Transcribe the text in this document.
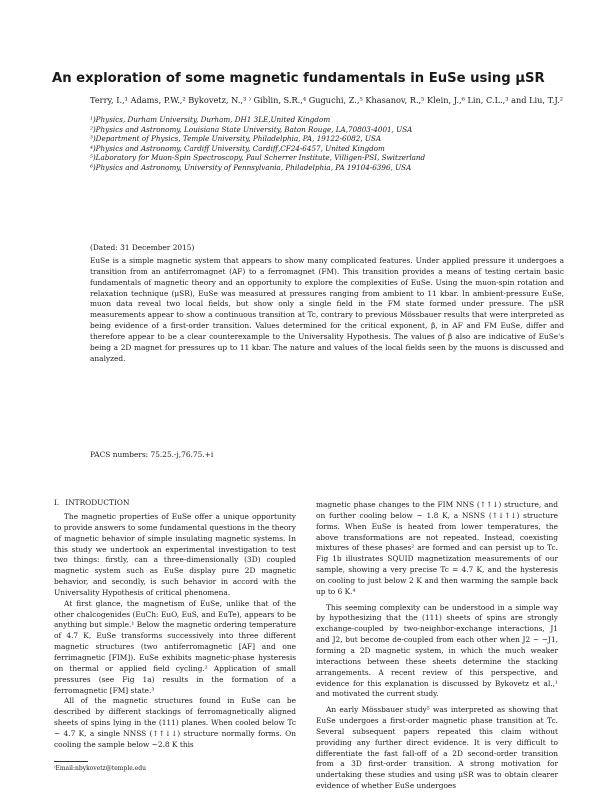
An exploration of some magnetic fundamentals in EuSe using μSR
Terry, I.,¹ Adams, P.W.,² Bykovetz, N.,³ ⁾ Giblin, S.R.,⁴ Guguchi, Z.,⁵ Khasanov, R.,⁵ Klein, J.,⁶ Lin, C.L.,³ and Liu, T.J.²

¹)Physics, Durham University, Durham, DH1 3LE,United Kingdom

²)Physics and Astronomy, Louisiana State University, Baton Rouge, LA,70803-4001, USA

³)Department of Physics, Temple University, Philadelphia, PA, 19122-6082, USA

⁴)Physics and Astronomy, Cardiff University, Cardiff,CF24-6457, United Kingdom

⁵)Laboratory for Muon-Spin Spectroscopy, Paul Scherrer Institute, Villigen-PSI, Switzerland

⁶)Physics and Astronomy, University of Pennsylvania, Philadelphia, PA 19104-6396, USA

(Dated: 31 December 2015)

EuSe is a simple magnetic system that appears to show many complicated features. Under applied pressure it undergoes a transition from an antiferromagnet (AF) to a ferromagnet (FM). This transition provides a means of testing certain basic fundamentals of magnetic theory and an opportunity to explore the complexities of EuSe. Using the muon-spin rotation and relaxation technique (μSR), EuSe was measured at pressures ranging from ambient to 11 kbar. In ambient-pressure EuSe, muon data reveal two local fields, but show only a single field in the FM state formed under pressure. The μSR measurements appear to show a continuous transition at Tc, contrary to previous Mössbauer results that were interpreted as being evidence of a first-order transition. Values determined for the critical exponent, β, in AF and FM EuSe, differ and therefore appear to be a clear counterexample to the Universality Hypothesis. The values of β also are indicative of EuSe's being a 2D magnet for pressures up to 11 kbar. The nature and values of the local fields seen by the muons is discussed and analyzed.

PACS numbers: 75.25.-j,76.75.+i
I. INTRODUCTION

The magnetic properties of EuSe offer a unique opportunity to provide answers to some fundamental questions in the theory of magnetic behavior of simple insulating magnetic systems. In this study we undertook an experimental investigation to test two things: firstly, can a three-dimensionally (3D) coupled magnetic system such as EuSe display pure 2D magnetic behavior, and secondly, is such behavior in accord with the Universality Hypothesis of critical phenomena.

At first glance, the magnetism of EuSe, unlike that of the other chalcogenides (EuCh: EuO, EuS, and EuTe), appears to be anything but simple.¹ Below the magnetic ordering temperature of 4.7 K, EuSe transforms successively into three different magnetic structures (two antiferromagnetic [AF] and one ferrimagnetic [FIM]). EuSe exhibits magnetic-phase hysteresis on thermal or applied field cycling.² Application of small pressures (see Fig 1a) results in the formation of a ferromagnetic [FM] state.³

All of the magnetic structures found in EuSe can be described by different stackings of ferromagnetically aligned sheets of spins lying in the (111) planes. When cooled below Tc ~ 4.7 K, a single NNSS (↑↑↓↓) structure normally forms. On cooling the sample below ~2.8 K this

magnetic phase changes to the FIM NNS (↑↑↓) structure, and on further cooling below ~ 1.8 K, a NSNS (↑↓↑↓) structure forms. When EuSe is heated from lower temperatures, the above transformations are not repeated. Instead, coexisting mixtures of these phases² are formed and can persist up to Tc. Fig 1b illustrates SQUID magnetization measurements of our sample, showing a very precise Tc = 4.7 K, and the hysteresis on cooling to just below 2 K and then warming the sample back up to 6 K.⁴

This seeming complexity can be understood in a simple way by hypothesizing that the (111) sheets of spins are strongly exchange-coupled by two-neighbor-exchange interactions, J1 and J2, but become de-coupled from each other when J2 ~ −J1, forming a 2D magnetic system, in which the much weaker interactions between these sheets determine the stacking arrangements. A recent review of this perspective, and evidence for this explanation is discussed by Bykovetz et al.,¹ and motivated the current study.

An early Mössbauer study⁵ was interpreted as showing that EuSe undergoes a first-order magnetic phase transition at Tc. Several subsequent papers repeated this claim without providing any further direct evidence. It is very difficult to differentiate the fast fall-off of a 2D second-order transition from a 3D first-order transition. A strong motivation for undertaking these studies and using μSR was to obtain clearer evidence of whether EuSe undergoes

⁾Email:nbykovetz@temple.edu
